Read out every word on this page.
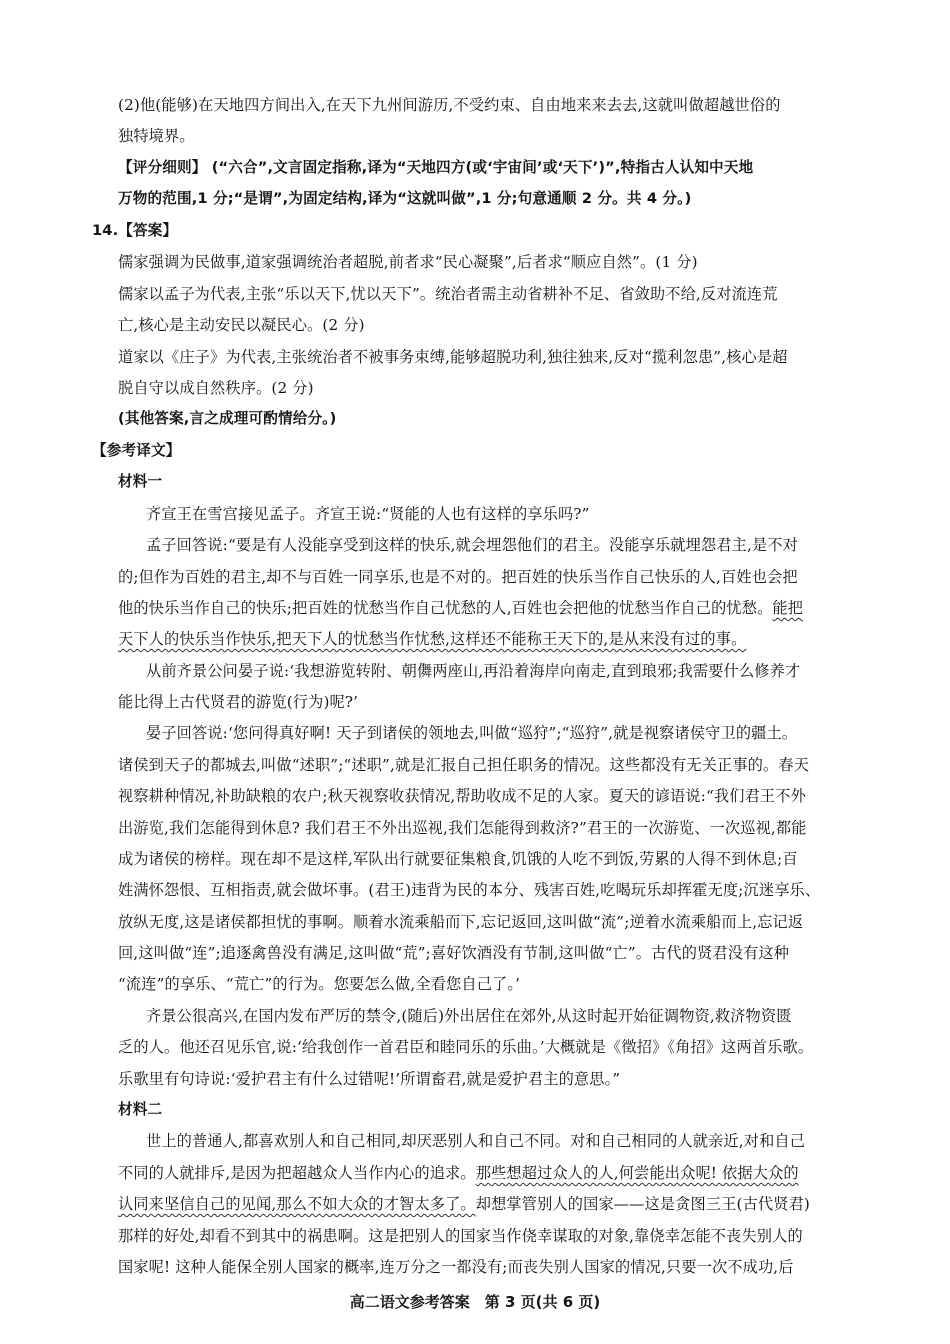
(2)他(能够)在天地四方间出入,在天下九州间游历,不受约束、自由地来来去去,这就叫做超越世俗的
独特境界。
【评分细则】 (“六合”,文言固定指称,译为“天地四方(或‘宇宙间’或‘天下’)”,特指古人认知中天地
万物的范围,1 分;“是谓”,为固定结构,译为“这就叫做”,1 分;句意通顺 2 分。共 4 分。)
14.【答案】
儒家强调为民做事,道家强调统治者超脱,前者求“民心凝聚”,后者求“顺应自然”。(1 分)
儒家以孟子为代表,主张“乐以天下,忧以天下”。统治者需主动省耕补不足、省敛助不给,反对流连荒
亡,核心是主动安民以凝民心。(2 分)
道家以《庄子》为代表,主张统治者不被事务束缚,能够超脱功利,独往独来,反对“揽利忽患”,核心是超
脱自守以成自然秩序。(2 分)
(其他答案,言之成理可酌情给分。)
【参考译文】
材料一
齐宣王在雪宫接见孟子。齐宣王说:“贤能的人也有这样的享乐吗?”
孟子回答说:“要是有人没能享受到这样的快乐,就会埋怨他们的君主。没能享乐就埋怨君主,是不对
的;但作为百姓的君主,却不与百姓一同享乐,也是不对的。把百姓的快乐当作自己快乐的人,百姓也会把
他的快乐当作自己的快乐;把百姓的忧愁当作自己忧愁的人,百姓也会把他的忧愁当作自己的忧愁。能把
天下人的快乐当作快乐,把天下人的忧愁当作忧愁,这样还不能称王天下的,是从来没有过的事。
从前齐景公问晏子说:‘我想游览转附、朝儛两座山,再沿着海岸向南走,直到琅邪;我需要什么修养才
能比得上古代贤君的游览(行为)呢?’
晏子回答说:‘您问得真好啊! 天子到诸侯的领地去,叫做“巡狩”;“巡狩”,就是视察诸侯守卫的疆土。
诸侯到天子的都城去,叫做“述职”;“述职”,就是汇报自己担任职务的情况。这些都没有无关正事的。春天
视察耕种情况,补助缺粮的农户;秋天视察收获情况,帮助收成不足的人家。夏天的谚语说:“我们君王不外
出游览,我们怎能得到休息? 我们君王不外出巡视,我们怎能得到救济?”君王的一次游览、一次巡视,都能
成为诸侯的榜样。现在却不是这样,军队出行就要征集粮食,饥饿的人吃不到饭,劳累的人得不到休息;百
姓满怀怨恨、互相指责,就会做坏事。(君王)违背为民的本分、残害百姓,吃喝玩乐却挥霍无度;沉迷享乐、
放纵无度,这是诸侯都担忧的事啊。顺着水流乘船而下,忘记返回,这叫做“流”;逆着水流乘船而上,忘记返
回,这叫做“连”;追逐禽兽没有满足,这叫做“荒”;喜好饮酒没有节制,这叫做“亡”。古代的贤君没有这种
“流连”的享乐、“荒亡”的行为。您要怎么做,全看您自己了。’
齐景公很高兴,在国内发布严厉的禁令,(随后)外出居住在郊外,从这时起开始征调物资,救济物资匮
乏的人。他还召见乐官,说:‘给我创作一首君臣和睦同乐的乐曲。’大概就是《徵招》《角招》这两首乐歌。
乐歌里有句诗说:‘爱护君主有什么过错呢!’所谓畜君,就是爱护君主的意思。”
材料二
世上的普通人,都喜欢别人和自己相同,却厌恶别人和自己不同。对和自己相同的人就亲近,对和自己
不同的人就排斥,是因为把超越众人当作内心的追求。那些想超过众人的人,何尝能出众呢! 依据大众的
认同来坚信自己的见闻,那么不如大众的才智太多了。却想掌管别人的国家——这是贪图三王(古代贤君)
那样的好处,却看不到其中的祸患啊。这是把别人的国家当作侥幸谋取的对象,靠侥幸怎能不丧失别人的
国家呢! 这种人能保全别人国家的概率,连万分之一都没有;而丧失别人国家的情况,只要一次不成功,后
高二语文参考答案　第 3 页(共 6 页)
